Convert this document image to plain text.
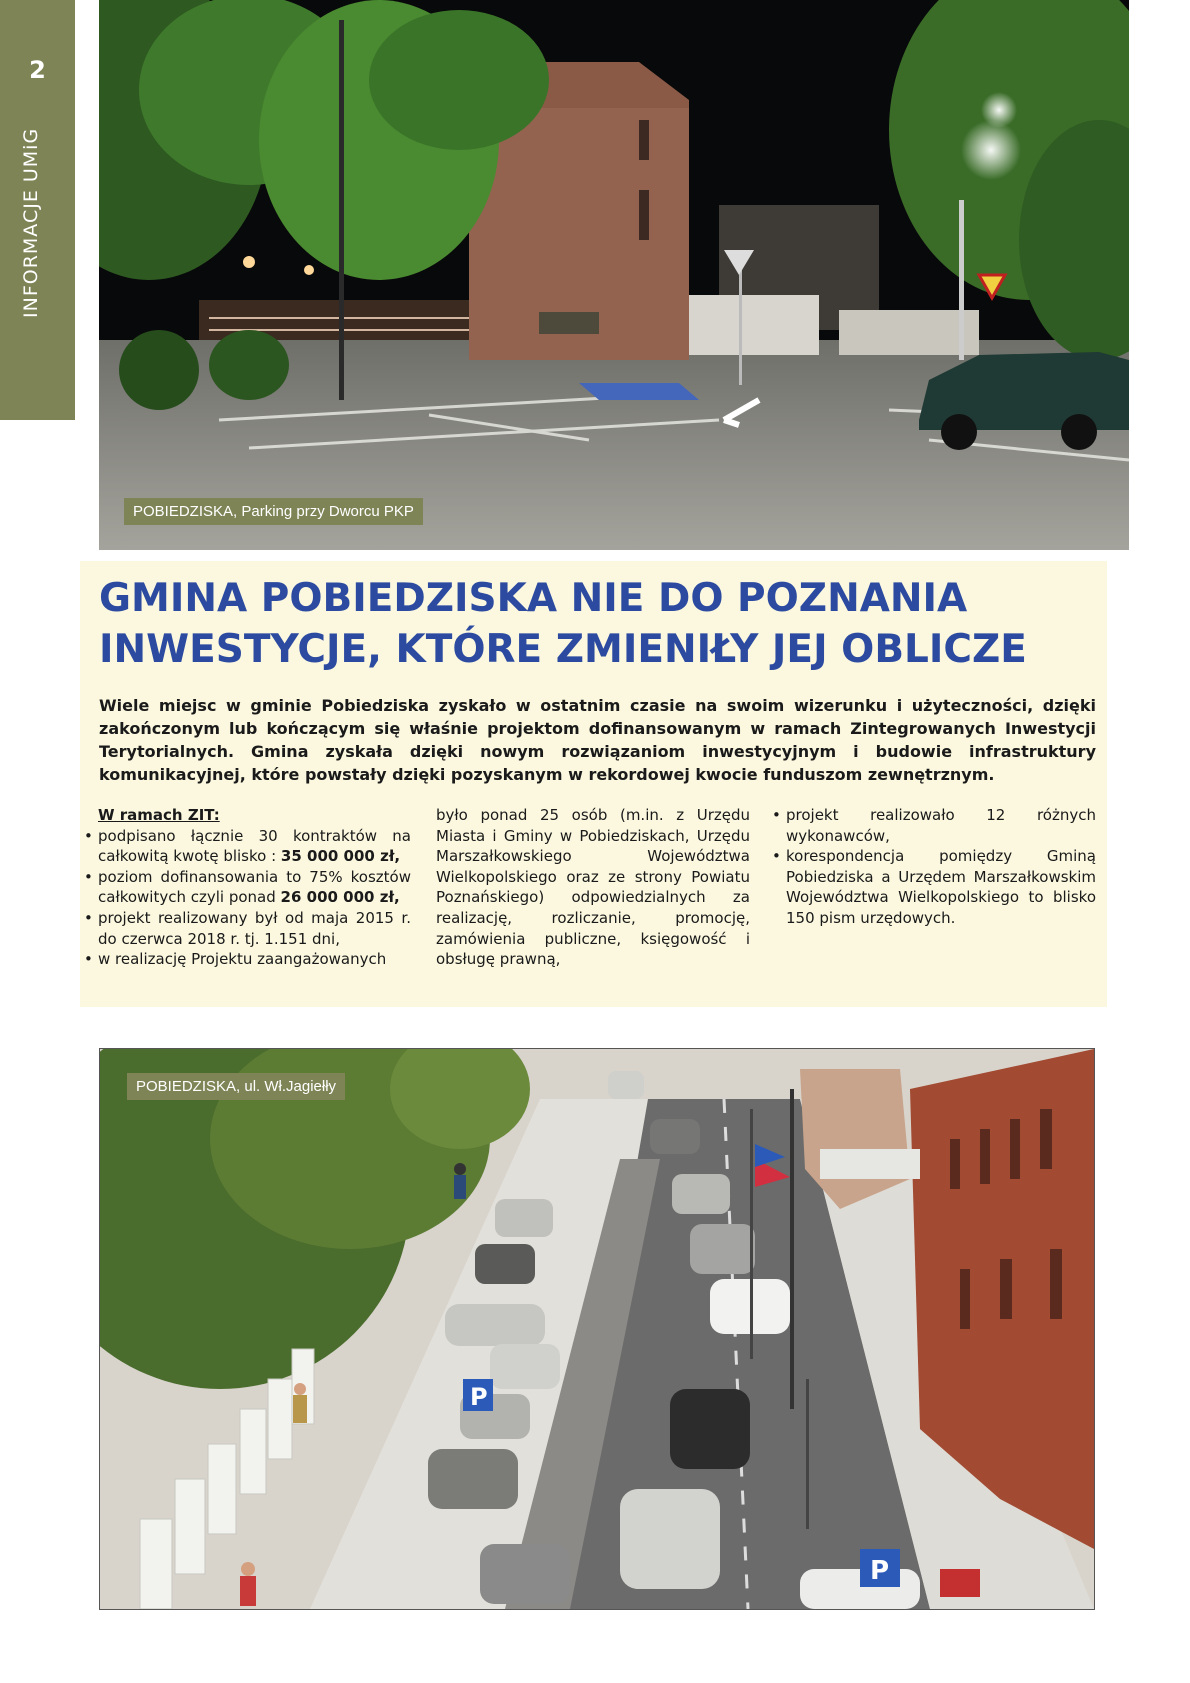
2
INFORMACJE UMiG
POBIEDZISKA, Parking przy Dworcu PKP
GMINA POBIEDZISKA NIE DO POZNANIA
INWESTYCJE, KTÓRE ZMIENIŁY JEJ OBLICZE

Wiele miejsc w gminie Pobiedziska zyskało w ostatnim czasie na swoim wizerunku i użyteczności, dzięki zakończonym lub kończącym się właśnie projektom dofinansowanym w ramach Zintegrowanych Inwestycji Terytorialnych. Gmina zyskała dzięki nowym rozwiązaniom inwestycyjnym i budowie infrastruktury komunikacyjnej, które powstały dzięki pozyskanym w rekordowej kwocie funduszom zewnętrznym.

W ramach ZIT:
• podpisano łącznie 30 kontraktów na całkowitą kwotę blisko : 35 000 000 zł,
• poziom dofinansowania to 75% kosztów całkowitych czyli ponad 26 000 000 zł,
• projekt realizowany był od maja 2015 r. do czerwca 2018 r. tj. 1.151 dni,
• w realizację Projektu zaangażowanych

było ponad 25 osób (m.in. z Urzędu Miasta i Gminy w Pobiedziskach, Urzędu Marszałkowskiego Województwa Wielkopolskiego oraz ze strony Powiatu Poznańskiego) odpowiedzialnych za realizację, rozliczanie, promocję, zamówienia publiczne, księgowość i obsługę prawną,

• projekt realizowało 12 różnych wykonawców,
• korespondencja pomiędzy Gminą Pobiedziska a Urzędem Marszałkowskim Województwa Wielkopolskiego to blisko 150 pism urzędowych.
P
P
POBIEDZISKA, ul. Wł.Jagiełły
